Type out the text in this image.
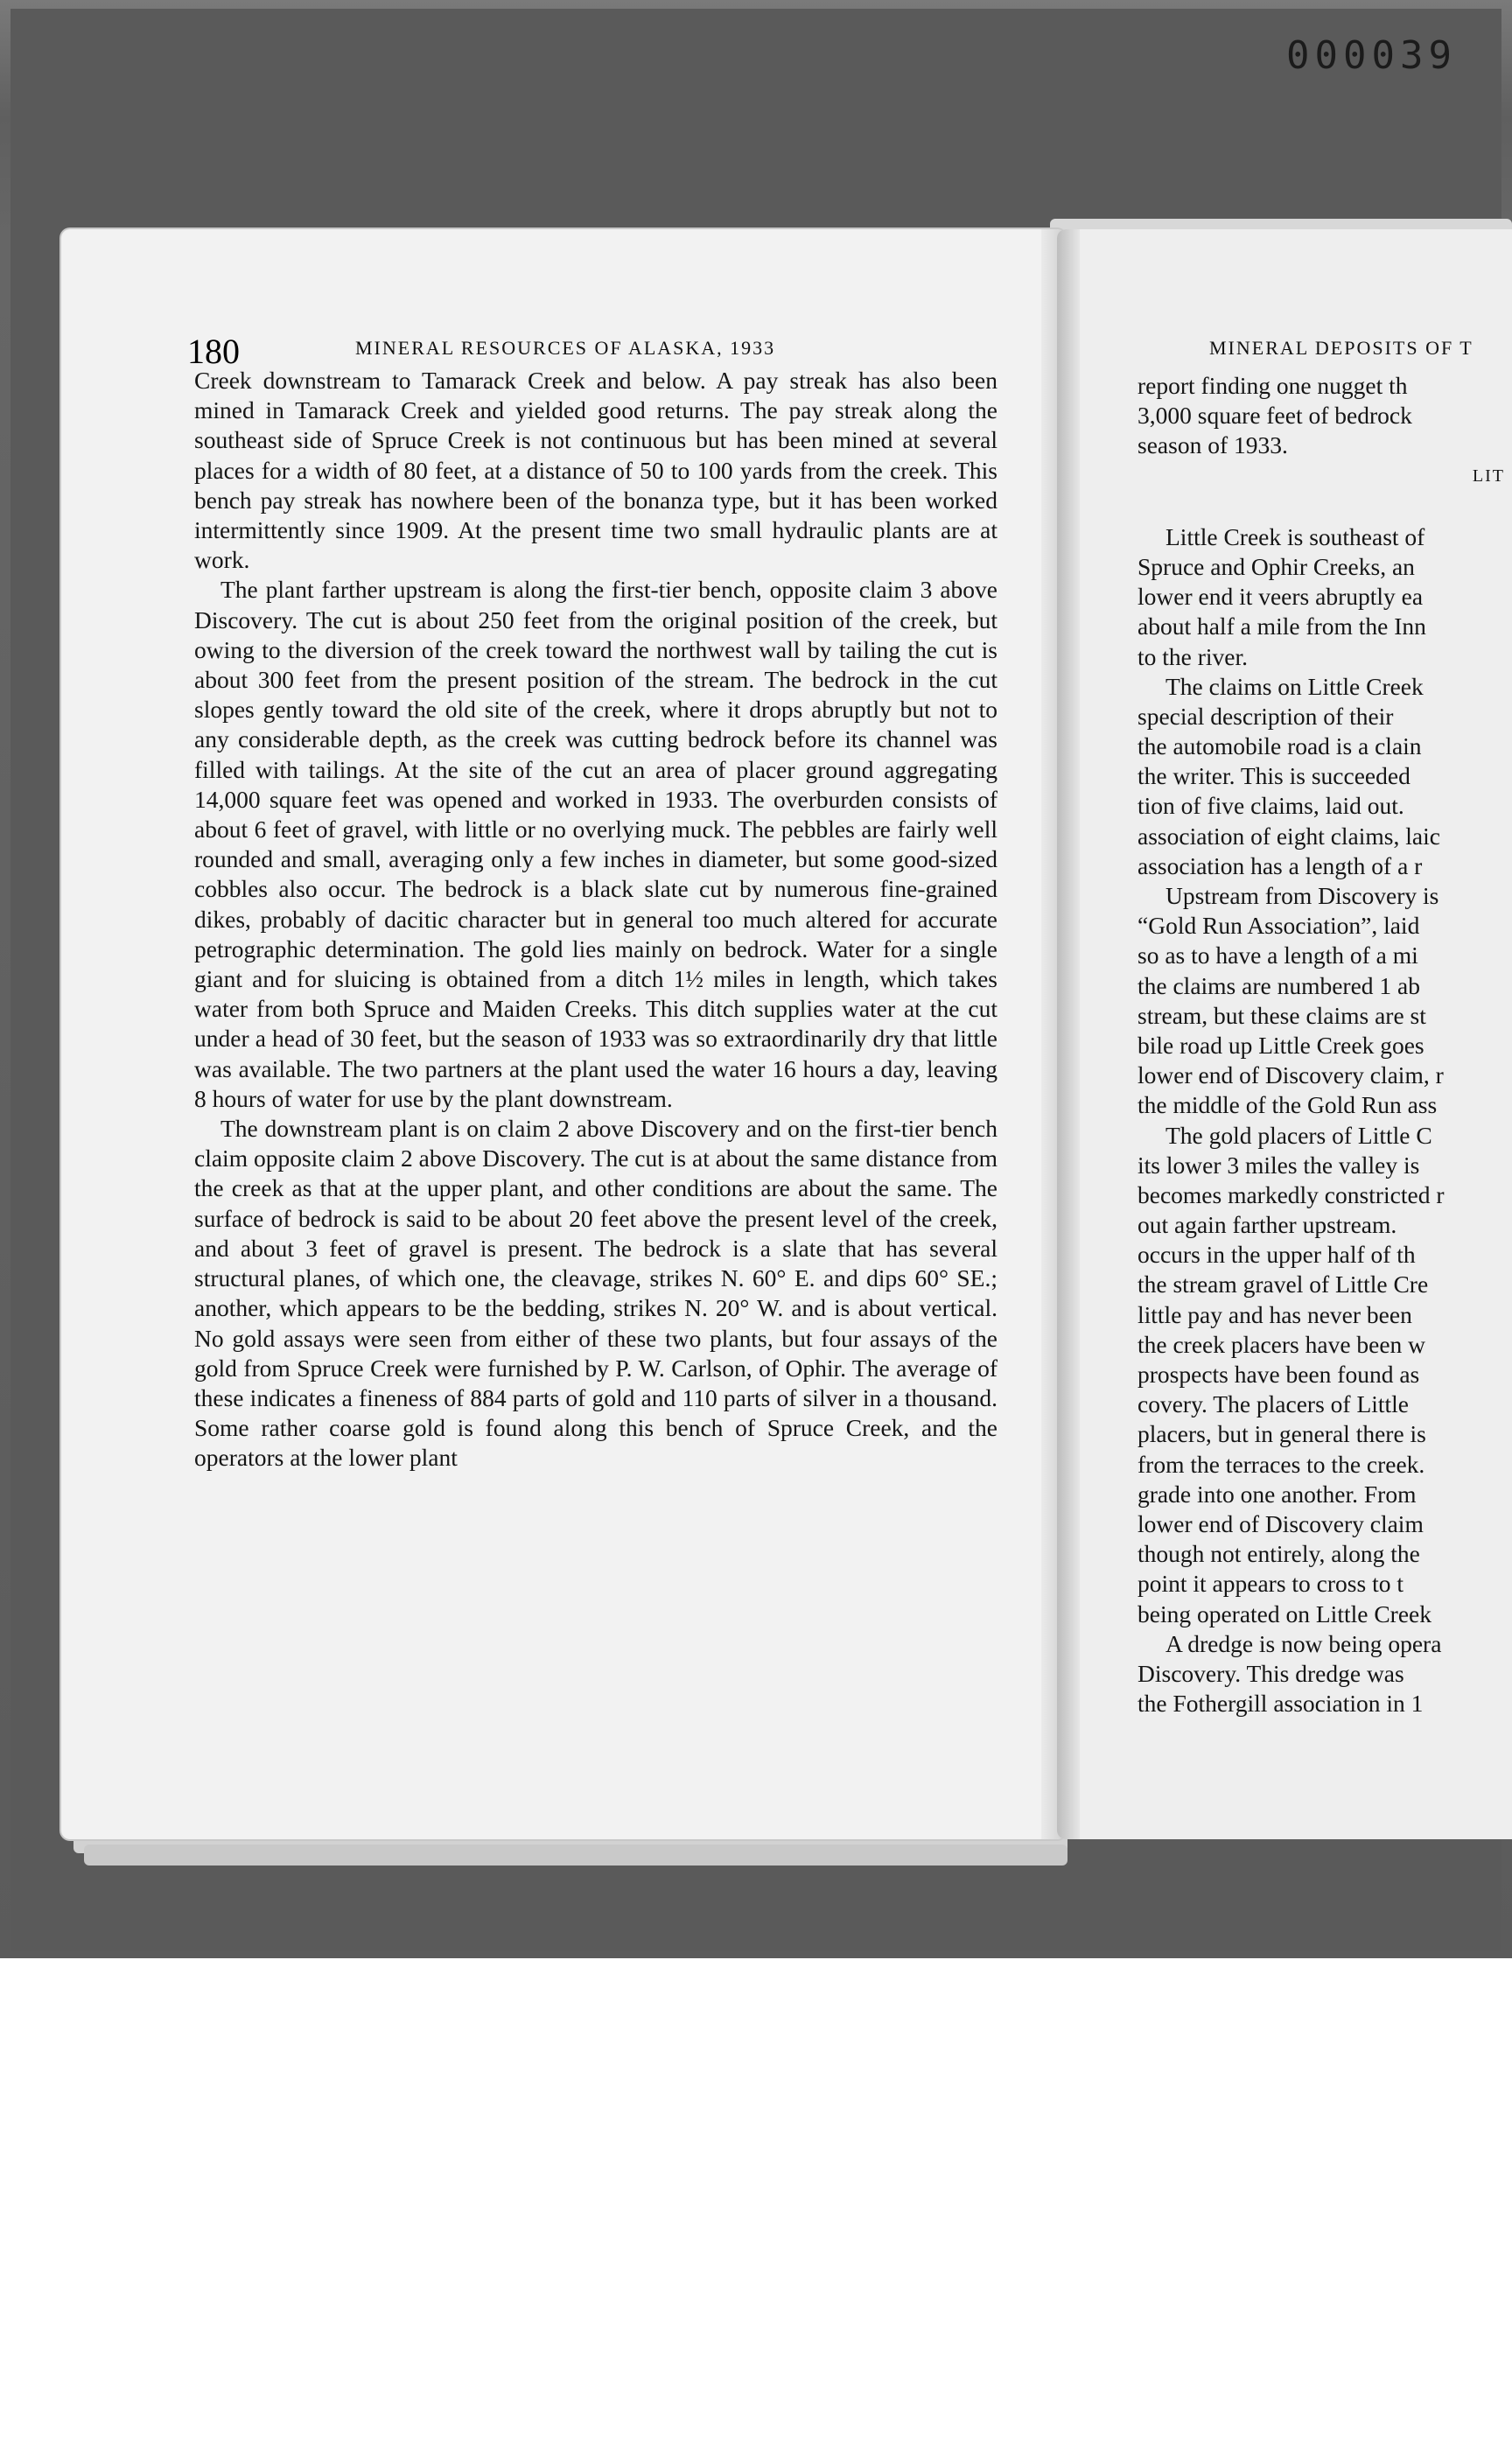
000039
180	MINERAL RESOURCES OF ALASKA, 1933	MINERAL DEPOSITS OF T

Creek downstream to Tamarack Creek and below. A pay streak has also been mined in Tamarack Creek and yielded good returns. The pay streak along the southeast side of Spruce Creek is not continuous but has been mined at several places for a width of 80 feet, at a distance of 50 to 100 yards from the creek. This bench pay streak has nowhere been of the bonanza type, but it has been worked intermittently since 1909. At the present time two small hydraulic plants are at work.

The plant farther upstream is along the first-tier bench, opposite claim 3 above Discovery. The cut is about 250 feet from the original position of the creek, but owing to the diversion of the creek toward the northwest wall by tailing the cut is about 300 feet from the present position of the stream. The bedrock in the cut slopes gently toward the old site of the creek, where it drops abruptly but not to any considerable depth, as the creek was cutting bedrock before its channel was filled with tailings. At the site of the cut an area of placer ground aggregating 14,000 square feet was opened and worked in 1933. The overburden consists of about 6 feet of gravel, with little or no overlying muck. The pebbles are fairly well rounded and small, averaging only a few inches in diameter, but some good-sized cobbles also occur. The bedrock is a black slate cut by numerous fine-grained dikes, probably of dacitic character but in general too much altered for accurate petrographic determination. The gold lies mainly on bedrock. Water for a single giant and for sluicing is obtained from a ditch 1½ miles in length, which takes water from both Spruce and Maiden Creeks. This ditch supplies water at the cut under a head of 30 feet, but the season of 1933 was so extraordinarily dry that little was available. The two partners at the plant used the water 16 hours a day, leaving 8 hours of water for use by the plant downstream.

The downstream plant is on claim 2 above Discovery and on the first-tier bench claim opposite claim 2 above Discovery. The cut is at about the same distance from the creek as that at the upper plant, and other conditions are about the same. The surface of bedrock is said to be about 20 feet above the present level of the creek, and about 3 feet of gravel is present. The bedrock is a slate that has several structural planes, of which one, the cleavage, strikes N. 60° E. and dips 60° SE.; another, which appears to be the bedding, strikes N. 20° W. and is about vertical. No gold assays were seen from either of these two plants, but four assays of the gold from Spruce Creek were furnished by P. W. Carlson, of Ophir. The average of these indicates a fineness of 884 parts of gold and 110 parts of silver in a thousand. Some rather coarse gold is found along this bench of Spruce Creek, and the operators at the lower plant

report finding one nugget th
3,000 square feet of bedrock
season of 1933.
LIT
Little Creek is southeast of
Spruce and Ophir Creeks, an
lower end it veers abruptly ea
about half a mile from the Inn
to the river.
The claims on Little Creek
special description of their
the automobile road is a clain
the writer. This is succeeded
tion of five claims, laid out.
association of eight claims, laic
association has a length of a r
Upstream from Discovery is
“Gold Run Association”, laid
so as to have a length of a mi
the claims are numbered 1 ab
stream, but these claims are st
bile road up Little Creek goes
lower end of Discovery claim, r
the middle of the Gold Run ass
The gold placers of Little C
its lower 3 miles the valley is
becomes markedly constricted r
out again farther upstream.
occurs in the upper half of th
the stream gravel of Little Cre
little pay and has never been
the creek placers have been w
prospects have been found as
covery. The placers of Little
placers, but in general there is
from the terraces to the creek.
grade into one another. From
lower end of Discovery claim
though not entirely, along the
point it appears to cross to t
being operated on Little Creek
A dredge is now being opera
Discovery. This dredge was
the Fothergill association in 1
